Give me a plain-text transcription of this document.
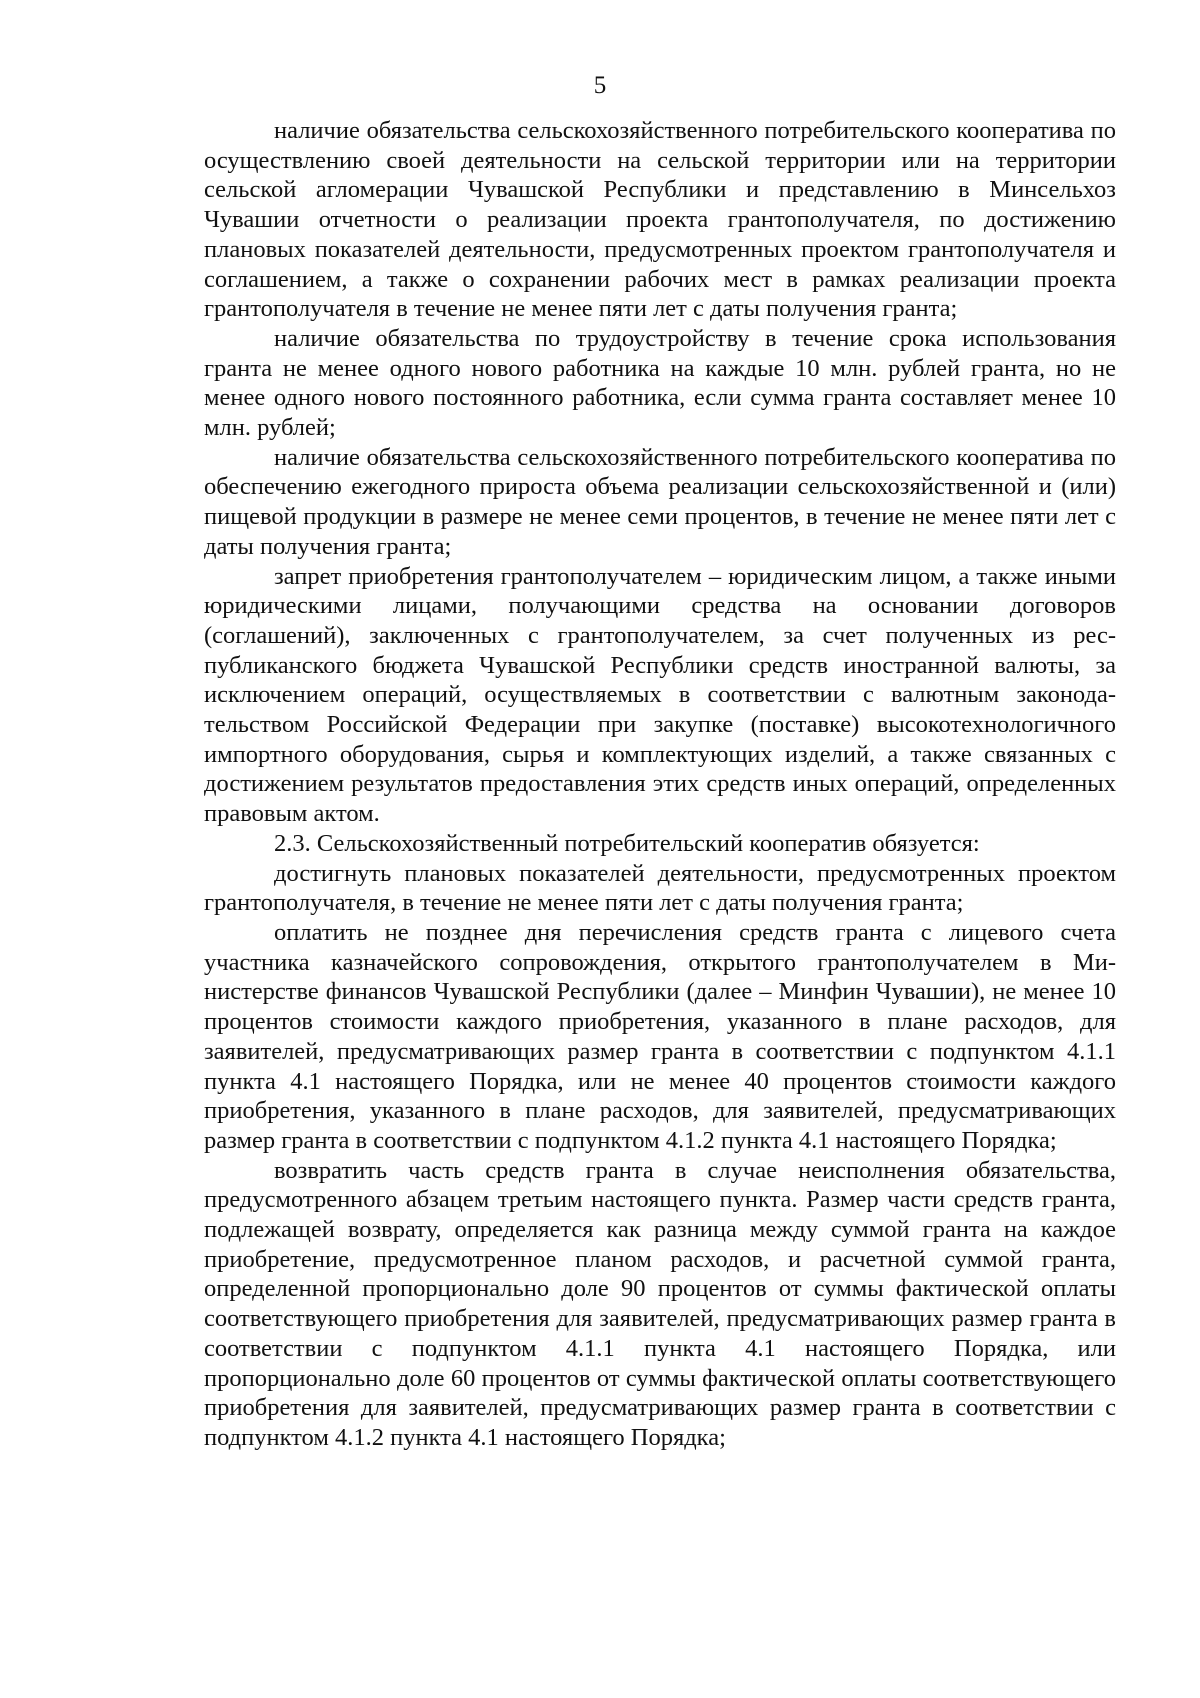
5

наличие обязательства сельскохозяйственного потребительского кооператива по осуществлению своей деятельности на сельской территории или на территории сельской агломерации Чувашской Республики и представлению в Минсельхоз Чувашии отчетности о реализации проекта грантополучателя, по достижению плановых показателей деятельности, предусмотренных проектом грантополучателя и соглашением, а также о сохранении рабочих мест в рамках реализации проекта грантополучателя в течение не менее пяти лет с даты получения гранта;

наличие обязательства по трудоустройству в течение срока использования гранта не менее одного нового работника на каждые 10 млн. рублей гранта, но не менее одного нового постоянного работника, если сумма гранта составляет менее 10 млн. рублей;

наличие обязательства сельскохозяйственного потребительского кооператива по обеспечению ежегодного прироста объема реализации сельскохозяйственной и (или) пищевой продукции в размере не менее семи процентов, в течение не менее пяти лет с даты получения гранта;

запрет приобретения грантополучателем – юридическим лицом, а также иными юридическими лицами, получающими средства на основании договоров (соглашений), заключенных с грантополучателем, за счет полученных из республиканского бюджета Чувашской Республики средств иностранной валюты, за исключением операций, осуществляемых в соответствии с валютным законодательством Российской Федерации при закупке (поставке) высокотехнологичного импортного оборудования, сырья и комплектующих изделий, а также связанных с достижением результатов предоставления этих средств иных операций, определенных правовым актом.

2.3. Сельскохозяйственный потребительский кооператив обязуется:

достигнуть плановых показателей деятельности, предусмотренных проектом грантополучателя, в течение не менее пяти лет с даты получения гранта;

оплатить не позднее дня перечисления средств гранта с лицевого счета участника казначейского сопровождения, открытого грантополучателем в Министерстве финансов Чувашской Республики (далее – Минфин Чувашии), не менее 10 процентов стоимости каждого приобретения, указанного в плане расходов, для заявителей, предусматривающих размер гранта в соответствии с подпунктом 4.1.1 пункта 4.1 настоящего Порядка, или не менее 40 процентов стоимости каждого приобретения, указанного в плане расходов, для заявителей, предусматривающих размер гранта в соответствии с подпунктом 4.1.2 пункта 4.1 настоящего Порядка;

возвратить часть средств гранта в случае неисполнения обязательства, предусмотренного абзацем третьим настоящего пункта. Размер части средств гранта, подлежащей возврату, определяется как разница между суммой гранта на каждое приобретение, предусмотренное планом расходов, и расчетной суммой гранта, определенной пропорционально доле 90 процентов от суммы фактической оплаты соответствующего приобретения для заявителей, предусматривающих размер гранта в соответствии с подпунктом 4.1.1 пункта 4.1 настоящего Порядка, или пропорционально доле 60 процентов от суммы фактической оплаты соответствующего приобретения для заявителей, предусматривающих размер гранта в соответствии с подпунктом 4.1.2 пункта 4.1 настоящего Порядка;
